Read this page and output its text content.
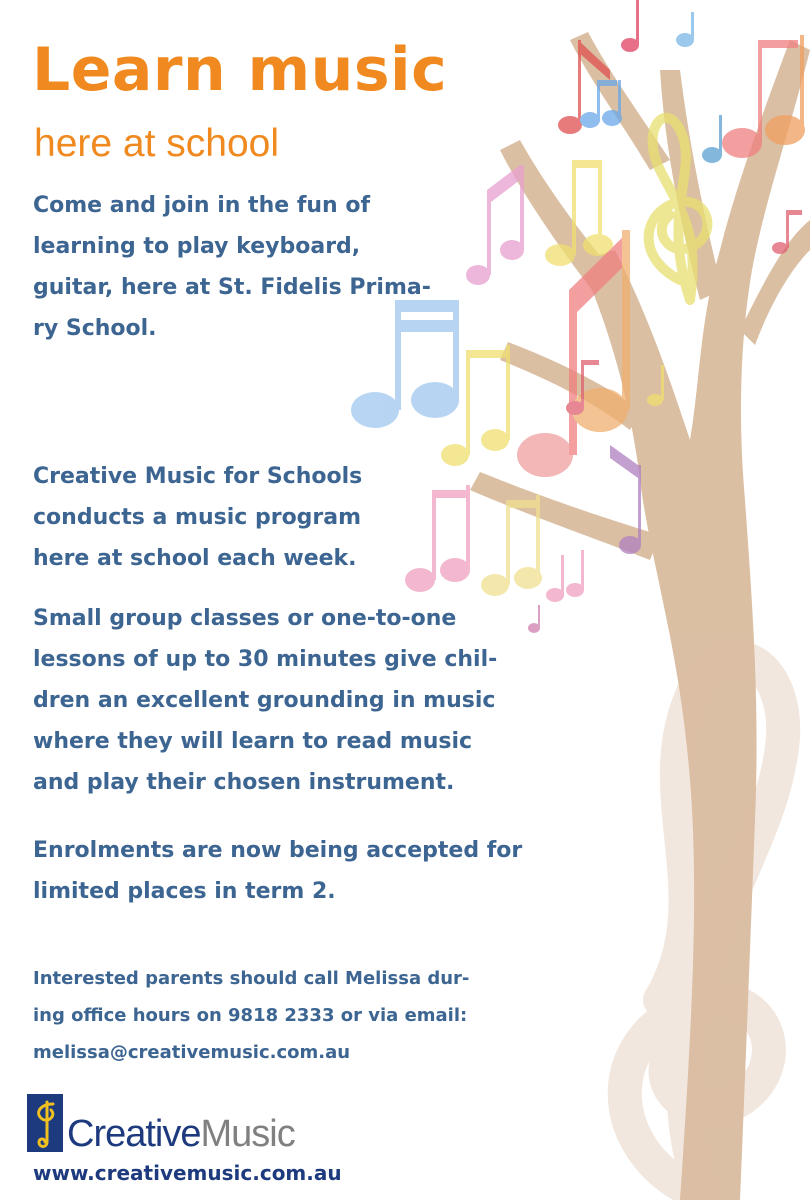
Learn music
here at school
Come and join in the fun of
learning to play keyboard,
guitar, here at St. Fidelis Prima-
ry School.
Creative Music for Schools
conducts a music program
here at school each week.
Small group classes or one-to-one
lessons of up to 30 minutes give chil-
dren an excellent grounding in music
where they will learn to read music
and play their chosen instrument.
Enrolments are now being accepted for
limited places in term 2.
Interested parents should call Melissa dur-
ing office hours on 9818 2333 or via email:
melissa@creativemusic.com.au
CreativeMusic
www.creativemusic.com.au
